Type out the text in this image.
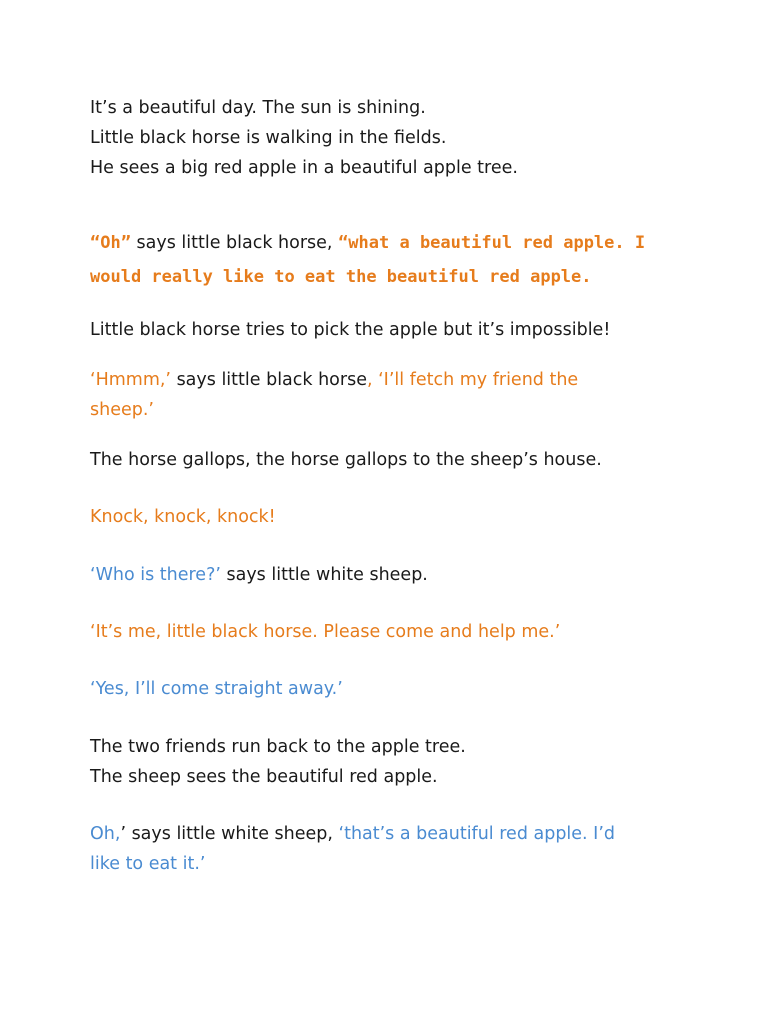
It’s a beautiful day. The sun is shining.
Little black horse is walking in the fields.
He sees a big red apple in a beautiful apple tree.

“Oh” says little black horse, “what a beautiful red apple. I
would really like to eat the beautiful red apple.

Little black horse tries to pick the apple but it’s impossible!

‘Hmmm,’ says little black horse, ‘I’ll fetch my friend the
sheep.’

The horse gallops, the horse gallops to the sheep’s house.

Knock, knock, knock!

‘Who is there?’ says little white sheep.

‘It’s me, little black horse. Please come and help me.’

‘Yes, I’ll come straight away.’

The two friends run back to the apple tree.
The sheep sees the beautiful red apple.

Oh,’ says little white sheep, ‘that’s a beautiful red apple. I’d
like to eat it.’
